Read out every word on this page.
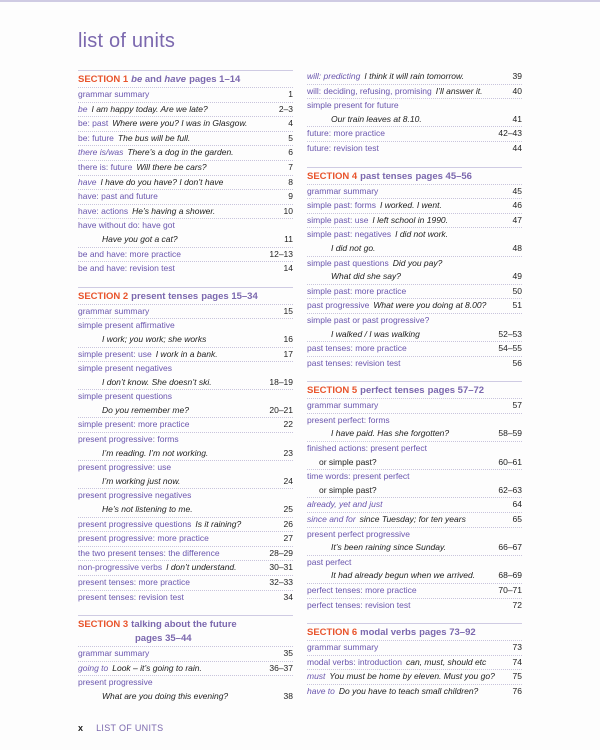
list of units
SECTION 1 be and have pages 1–14
grammar summary	1
be I am happy today. Are we late?	2–3
be: past Where were you? I was in Glasgow.	4
be: future The bus will be full.	5
there is/was There’s a dog in the garden.	6
there is: future Will there be cars?	7
have I have do you have? I don’t have	8
have: past and future	9
have: actions He’s having a shower.	10
have without do: have got
Have you got a cat?	11
be and have: more practice	12–13
be and have: revision test	14
SECTION 2 present tenses pages 15–34
grammar summary	15
simple present affirmative
I work; you work; she works	16
simple present: use I work in a bank.	17
simple present negatives
I don’t know. She doesn’t ski.	18–19
simple present questions
Do you remember me?	20–21
simple present: more practice	22
present progressive: forms
I’m reading. I’m not working.	23
present progressive: use
I’m working just now.	24
present progressive negatives
He’s not listening to me.	25
present progressive questions Is it raining?	26
present progressive: more practice	27
the two present tenses: the difference	28–29
non-progressive verbs I don’t understand.	30–31
present tenses: more practice	32–33
present tenses: revision test	34
SECTION 3 talking about the future
pages 35–44
grammar summary	35
going to Look – it’s going to rain.	36–37
present progressive
What are you doing this evening?	38
will: predicting I think it will rain tomorrow.	39
will: deciding, refusing, promising I’ll answer it.	40
simple present for future
Our train leaves at 8.10.	41
future: more practice	42–43
future: revision test	44
SECTION 4 past tenses pages 45–56
grammar summary	45
simple past: forms I worked. I went.	46
simple past: use I left school in 1990.	47
simple past: negatives I did not work.
I did not go.	48
simple past questions Did you pay?
What did she say?	49
simple past: more practice	50
past progressive What were you doing at 8.00?	51
simple past or past progressive?
I walked / I was walking	52–53
past tenses: more practice	54–55
past tenses: revision test	56
SECTION 5 perfect tenses pages 57–72
grammar summary	57
present perfect: forms
I have paid. Has she forgotten?	58–59
finished actions: present perfect
or simple past?	60–61
time words: present perfect
or simple past?	62–63
already, yet and just	64
since and for since Tuesday; for ten years	65
present perfect progressive
It’s been raining since Sunday.	66–67
past perfect
It had already begun when we arrived.	68–69
perfect tenses: more practice	70–71
perfect tenses: revision test	72
SECTION 6 modal verbs pages 73–92
grammar summary	73
modal verbs: introduction can, must, should etc	74
must You must be home by eleven. Must you go?	75
have to Do you have to teach small children?	76
x LIST OF UNITS
